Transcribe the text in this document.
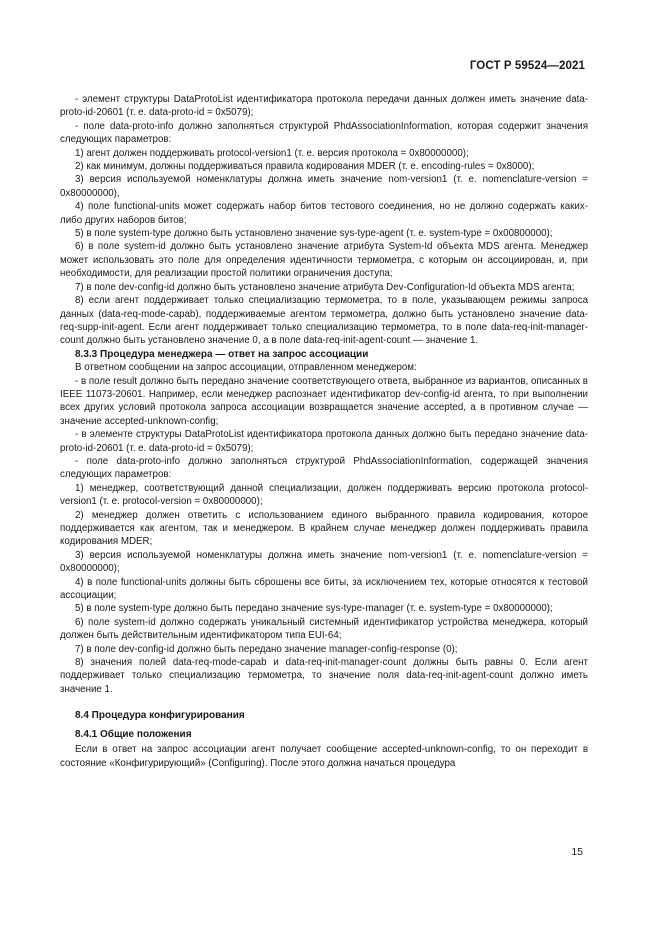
ГОСТ Р 59524—2021

- элемент структуры DataProtoList идентификатора протокола передачи данных должен иметь значение data-proto-id-20601 (т. е. data-proto-id = 0x5079);

- поле data-proto-info должно заполняться структурой PhdAssociationInformation, которая содержит значения следующих параметров:

1) агент должен поддерживать protocol-version1 (т. е. версия протокола = 0x80000000);

2) как минимум, должны поддерживаться правила кодирования MDER (т. е. encoding-rules = 0x8000);

3) версия используемой номенклатуры должна иметь значение nom-version1 (т. е. nomenclature-version = 0x80000000),

4) поле functional-units может содержать набор битов тестового соединения, но не должно содержать каких-либо других наборов битов;

5) в поле system-type должно быть установлено значение sys-type-agent (т. е. system-type = 0x00800000);

6) в поле system-id должно быть установлено значение атрибута System-Id объекта MDS агента. Менеджер может использовать это поле для определения идентичности термометра, с которым он ассоциирован, и, при необходимости, для реализации простой политики ограничения доступа;

7) в поле dev-config-id должно быть установлено значение атрибута Dev-Configuration-Id объекта MDS агента;

8) если агент поддерживает только специализацию термометра, то в поле, указывающем режимы запроса данных (data-req-mode-capab), поддерживаемые агентом термометра, должно быть установлено значение data-req-supp-init-agent. Если агент поддерживает только специализацию термометра, то в поле data-req-init-manager-count должно быть установлено значение 0, а в поле data-req-init-agent-count — значение 1.

8.3.3 Процедура менеджера — ответ на запрос ассоциации

В ответном сообщении на запрос ассоциации, отправленном менеджером:

- в поле result должно быть передано значение соответствующего ответа, выбранное из вариантов, описанных в IEEE 11073-20601. Например, если менеджер распознает идентификатор dev-config-id агента, то при выполнении всех других условий протокола запроса ассоциации возвращается значение accepted, а в противном случае — значение accepted-unknown-config;

- в элементе структуры DataProtoList идентификатора протокола данных должно быть передано значение data-proto-id-20601 (т. е. data-proto-id = 0x5079);

- поле data-proto-info должно заполняться структурой PhdAssociationInformation, содержащей значения следующих параметров:

1) менеджер, соответствующий данной специализации, должен поддерживать версию протокола protocol-version1 (т. е. protocol-version = 0x80000000);

2) менеджер должен ответить с использованием единого выбранного правила кодирования, которое поддерживается как агентом, так и менеджером. В крайнем случае менеджер должен поддерживать правила кодирования MDER;

3) версия используемой номенклатуры должна иметь значение nom-version1 (т. е. nomenclature-version = 0x80000000);

4) в поле functional-units должны быть сброшены все биты, за исключением тех, которые относятся к тестовой ассоциации;

5) в поле system-type должно быть передано значение sys-type-manager (т. е. system-type = 0x80000000);

6) поле system-id должно содержать уникальный системный идентификатор устройства менеджера, который должен быть действительным идентификатором типа EUI-64;

7) в поле dev-config-id должно быть передано значение manager-config-response (0);

8) значения полей data-req-mode-capab и data-req-init-manager-count должны быть равны 0. Если агент поддерживает только специализацию термометра, то значение поля data-req-init-agent-count должно иметь значение 1.

8.4 Процедура конфигурирования

8.4.1 Общие положения

Если в ответ на запрос ассоциации агент получает сообщение accepted-unknown-config, то он переходит в состояние «Конфигурирующий» (Configuring). После этого должна начаться процедура

15
